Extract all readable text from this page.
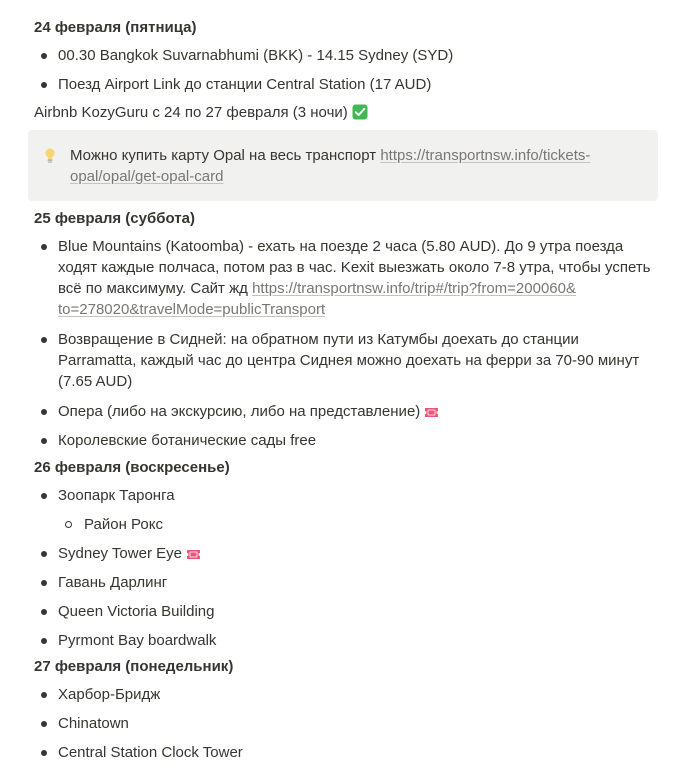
24 февраля (пятница)
00.30 Bangkok Suvarnabhumi (BKK) - 14.15 Sydney (SYD)
Поезд Airport Link до станции Central Station (17 AUD)
Airbnb KozyGuru с 24 по 27 февраля (3 ночи)
Можно купить карту Opal на весь транспорт https://transportnsw.info/tickets-
opal/opal/get-opal-card
25 февраля (суббота)
Blue Mountains (Katoomba) - ехать на поезде 2 часа (5.80 AUD). До 9 утра поезда
ходят каждые полчаса, потом раз в час. Kexit выезжать около 7-8 утра, чтобы успеть
всё по максимуму. Сайт жд https://transportnsw.info/trip#/trip?from=200060&
to=278020&travelMode=publicTransport
Возвращение в Сидней: на обратном пути из Катумбы доехать до станции
Parramatta, каждый час до центра Сиднея можно доехать на ферри за 70-90 минут
(7.65 AUD)
Опера (либо на экскурсию, либо на представление)
Королевские ботанические сады free
26 февраля (воскресенье)
Зоопарк Таронга
Район Рокс
Sydney Tower Eye
Гавань Дарлинг
Queen Victoria Building
Pyrmont Bay boardwalk
27 февраля (понедельник)
Харбор-Бридж
Chinatown
Central Station Clock Tower
